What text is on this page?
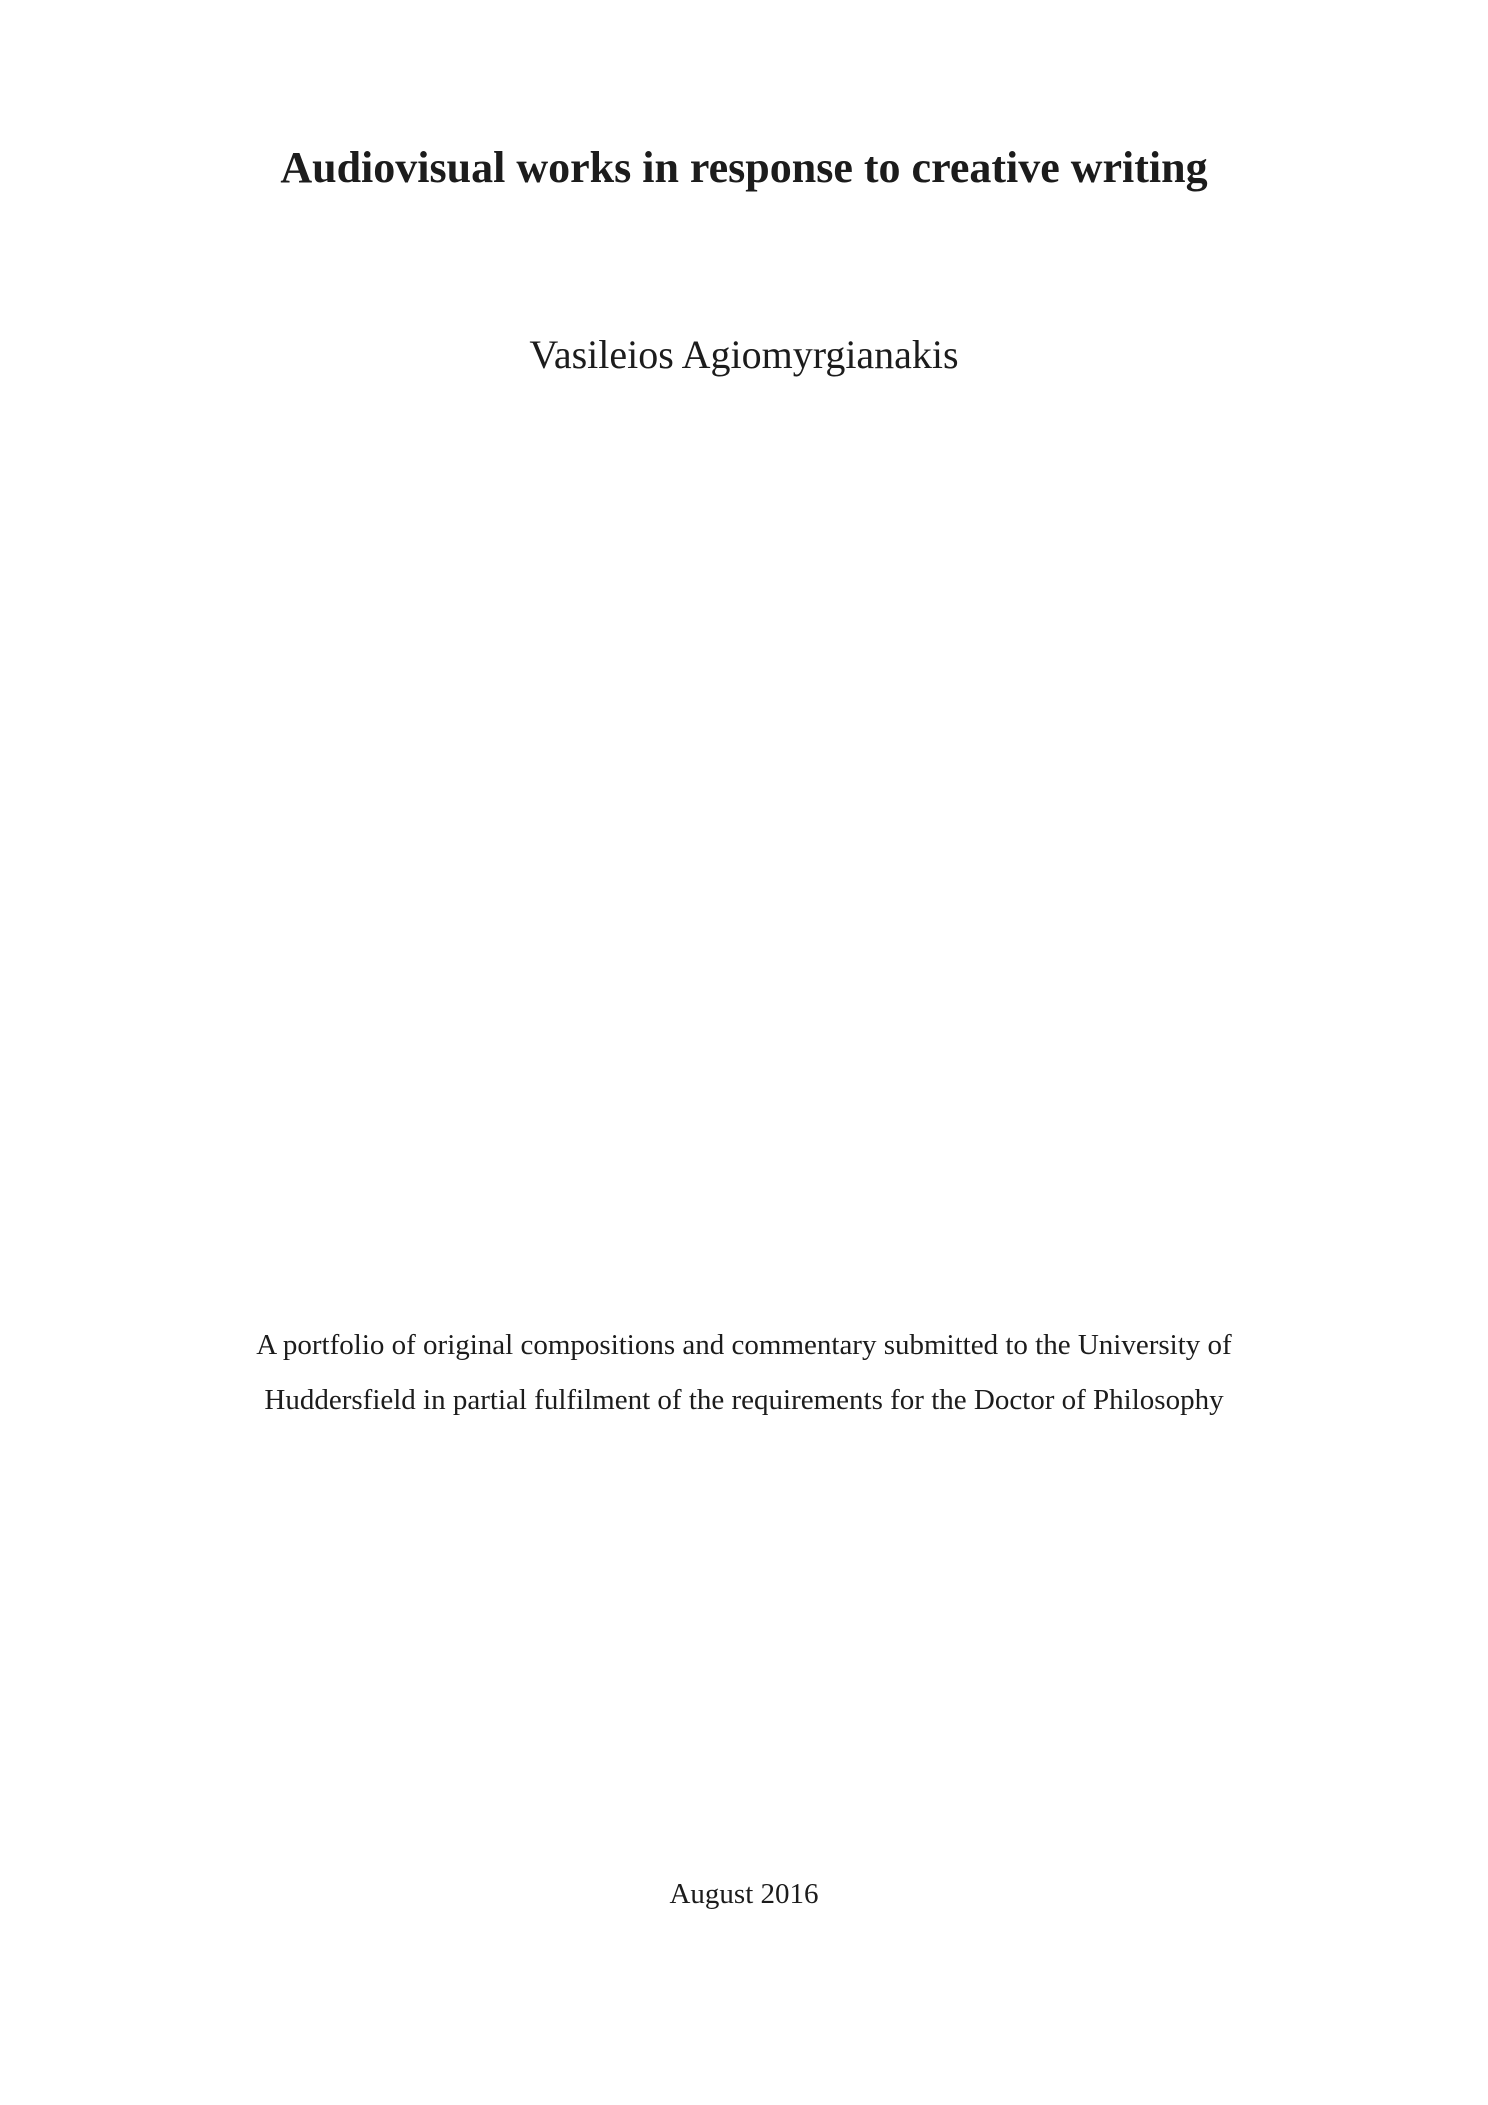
Audiovisual works in response to creative writing
Vasileios Agiomyrgianakis
A portfolio of original compositions and commentary submitted to the University of
Huddersfield in partial fulfilment of the requirements for the Doctor of Philosophy
August 2016
